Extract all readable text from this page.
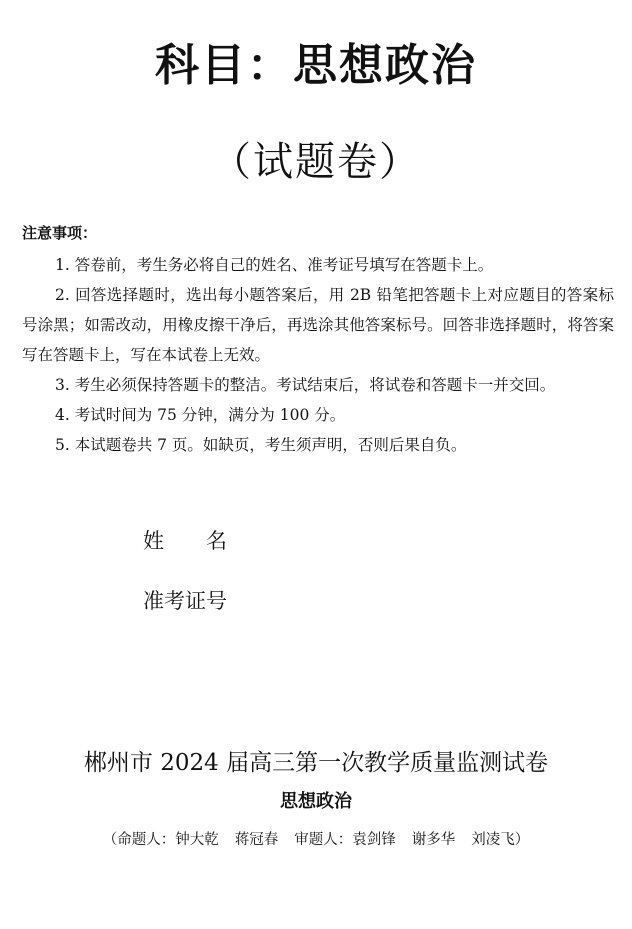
科目：思想政治
（试题卷）
注意事项：
1. 答卷前，考生务必将自己的姓名、准考证号填写在答题卡上。
2. 回答选择题时，选出每小题答案后，用 2B 铅笔把答题卡上对应题目的答案标号涂黑；如需改动，用橡皮擦干净后，再选涂其他答案标号。回答非选择题时，将答案写在答题卡上，写在本试卷上无效。
3. 考生必须保持答题卡的整洁。考试结束后，将试卷和答题卡一并交回。
4. 考试时间为 75 分钟，满分为 100 分。
5. 本试题卷共 7 页。如缺页，考生须声明，否则后果自负。
姓 名
准考证号
郴州市 2024 届高三第一次教学质量监测试卷
思想政治
（命题人：钟大乾 蒋冠春 审题人：袁剑锋 谢多华 刘凌飞）
